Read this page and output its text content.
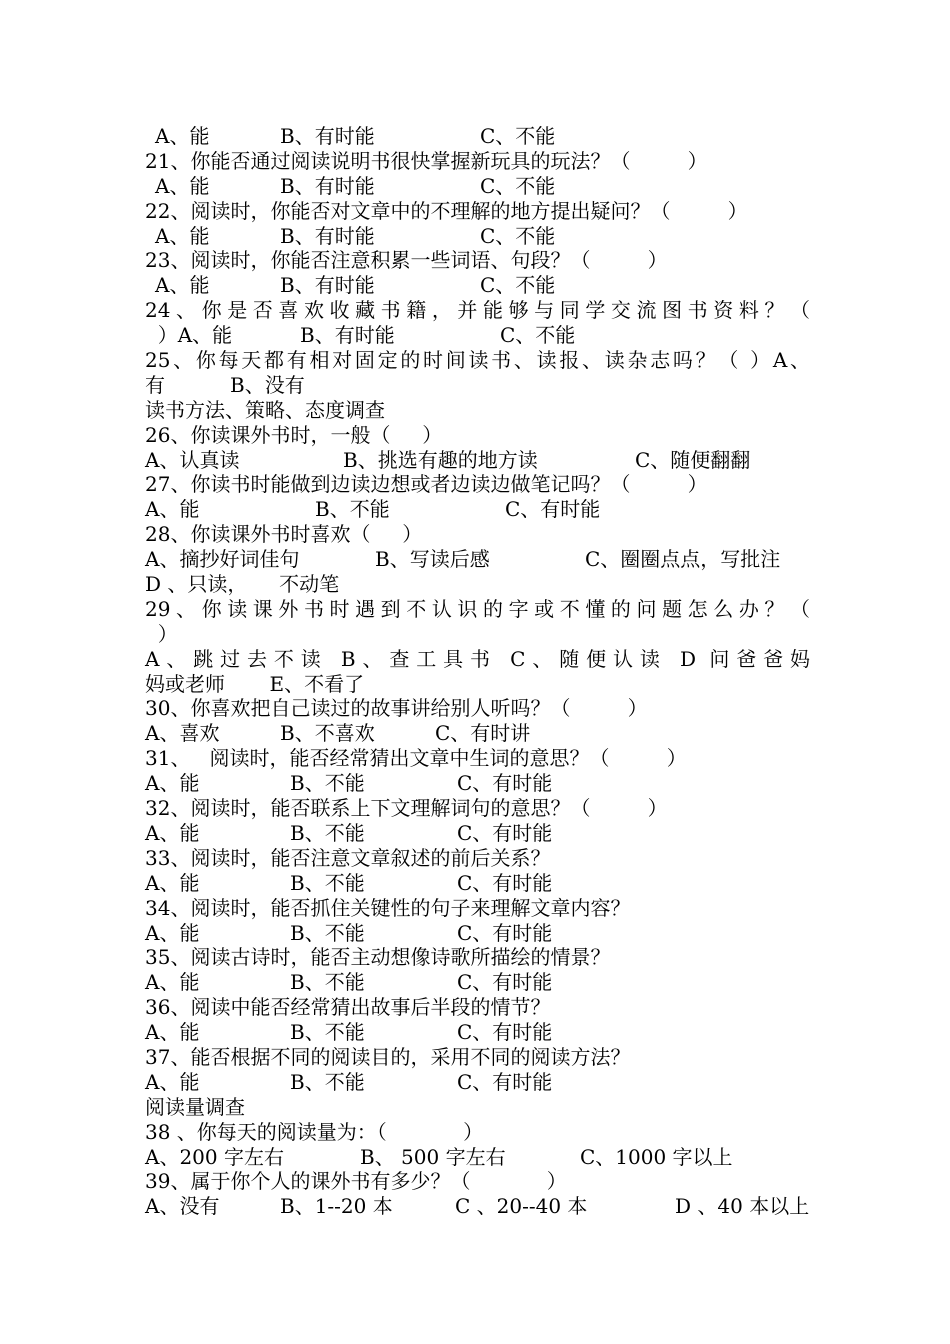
A、能	B、有时能	C、不能
21、你能否通过阅读说明书很快掌握新玩具的玩法？（         ）
A、能	B、有时能	C、不能
22、阅读时，你能否对文章中的不理解的地方提出疑问？（         ）
A、能	B、有时能	C、不能
23、阅读时，你能否注意积累一些词语、句段？（         ）
A、能	B、有时能	C、不能
24、你是否喜欢收藏书籍，并能够与同学交流图书资料？（
）A、能	B、有时能	C、不能
25、你每天都有相对固定的时间读书、读报、读杂志吗？（ ）A、
有	B、没有
读书方法、策略、态度调查
26、你读课外书时，一般（     ）
A、认真读	B、挑选有趣的地方读	C、随便翻翻
27、你读书时能做到边读边想或者边读边做笔记吗？（         ）
A、能	B、不能	C、有时能
28、你读课外书时喜欢（     ）
A、摘抄好词佳句	B、写读后感	C、圈圈点点，写批注
D 、只读，     不动笔
29、你读课外书时遇到不认识的字或不懂的问题怎么办？（
）
A、跳过去不读 B、查工具书 C、随便认读 D 问爸爸妈
妈或老师       E、不看了
30、你喜欢把自己读过的故事讲给别人听吗？（         ）
A、喜欢	B、不喜欢	C、有时讲
31、   阅读时，能否经常猜出文章中生词的意思？（         ）
A、能	B、不能	C、有时能
32、阅读时，能否联系上下文理解词句的意思？（         ）
A、能	B、不能	C、有时能
33、阅读时，能否注意文章叙述的前后关系？
A、能	B、不能	C、有时能
34、阅读时，能否抓住关键性的句子来理解文章内容？
A、能	B、不能	C、有时能
35、阅读古诗时，能否主动想像诗歌所描绘的情景？
A、能	B、不能	C、有时能
36、阅读中能否经常猜出故事后半段的情节？
A、能	B、不能	C、有时能
37、能否根据不同的阅读目的，采用不同的阅读方法？
A、能	B、不能	C、有时能
阅读量调查
38 、你每天的阅读量为：（            ）
A、200 字左右	B、 500 字左右	C、1000 字以上
39、属于你个人的课外书有多少？（            ）
A、没有	B、1--20 本	C 、20--40 本	D 、40 本以上
